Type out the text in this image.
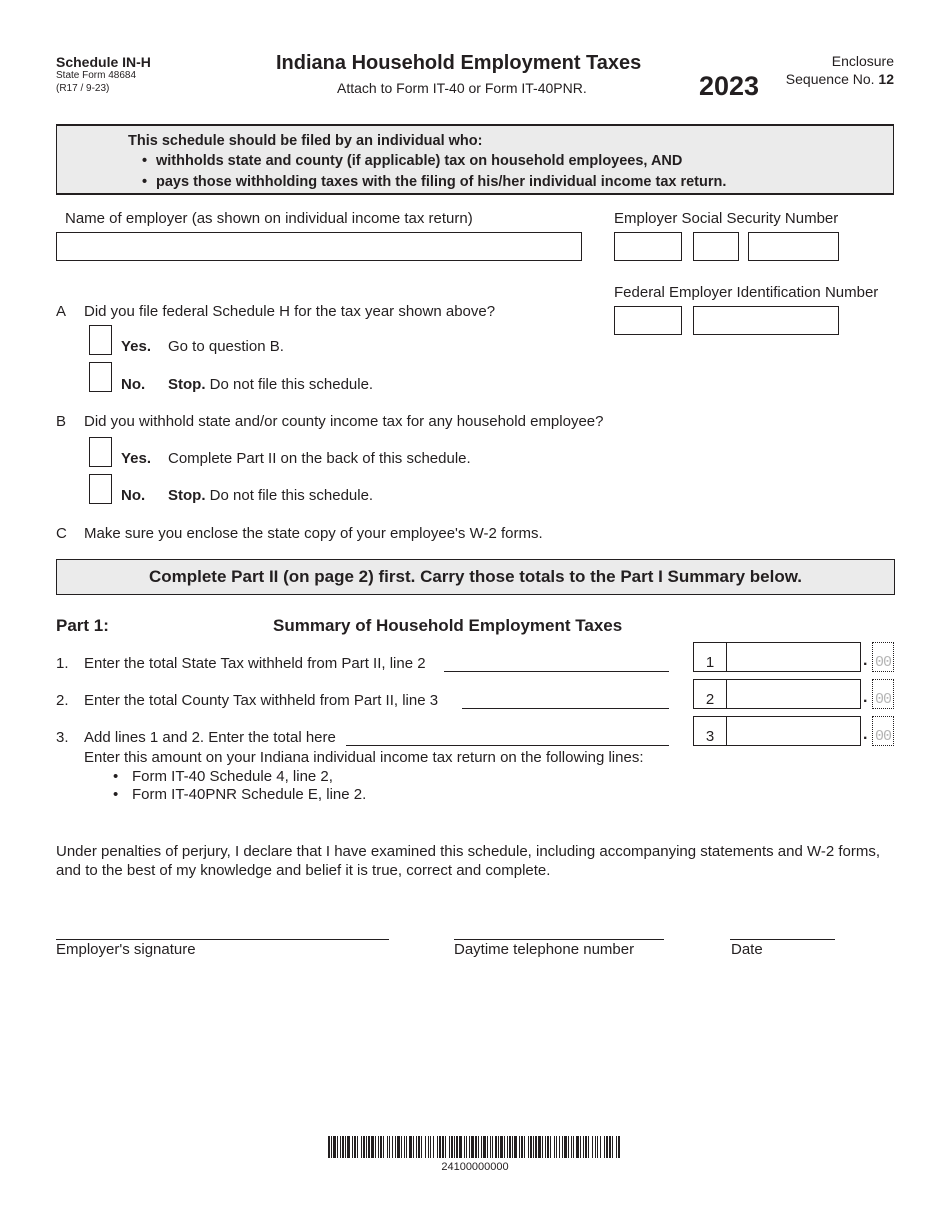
Schedule IN-H
State Form 48684
(R17 / 9-23)
Indiana Household Employment Taxes
Attach to Form IT-40 or Form IT-40PNR.	2023
Enclosure
Sequence No. 12
This schedule should be filed by an individual who:
• withholds state and county (if applicable) tax on household employees, AND
• pays those withholding taxes with the filing of his/her individual income tax return.
Name of employer (as shown on individual income tax return)	Employer Social Security Number
Federal Employer Identification Number
A Did you file federal Schedule H for the tax year shown above?
Yes. Go to question B.
No. Stop. Do not file this schedule.
B Did you withhold state and/or county income tax for any household employee?
Yes. Complete Part II on the back of this schedule.
No. Stop. Do not file this schedule.
C Make sure you enclose the state copy of your employee's W-2 forms.
Complete Part II (on page 2) first. Carry those totals to the Part I Summary below.
Part 1:	Summary of Household Employment Taxes
1. Enter the total State Tax withheld from Part II, line 2	1	. 00
2. Enter the total County Tax withheld from Part II, line 3	2	. 00
3. Add lines 1 and 2. Enter the total here	3	. 00
Enter this amount on your Indiana individual income tax return on the following lines:
• Form IT-40 Schedule 4, line 2,
• Form IT-40PNR Schedule E, line 2.
Under penalties of perjury, I declare that I have examined this schedule, including accompanying statements and W-2 forms, and to the best of my knowledge and belief it is true, correct and complete.
Employer's signature	Daytime telephone number	Date
24100000000
